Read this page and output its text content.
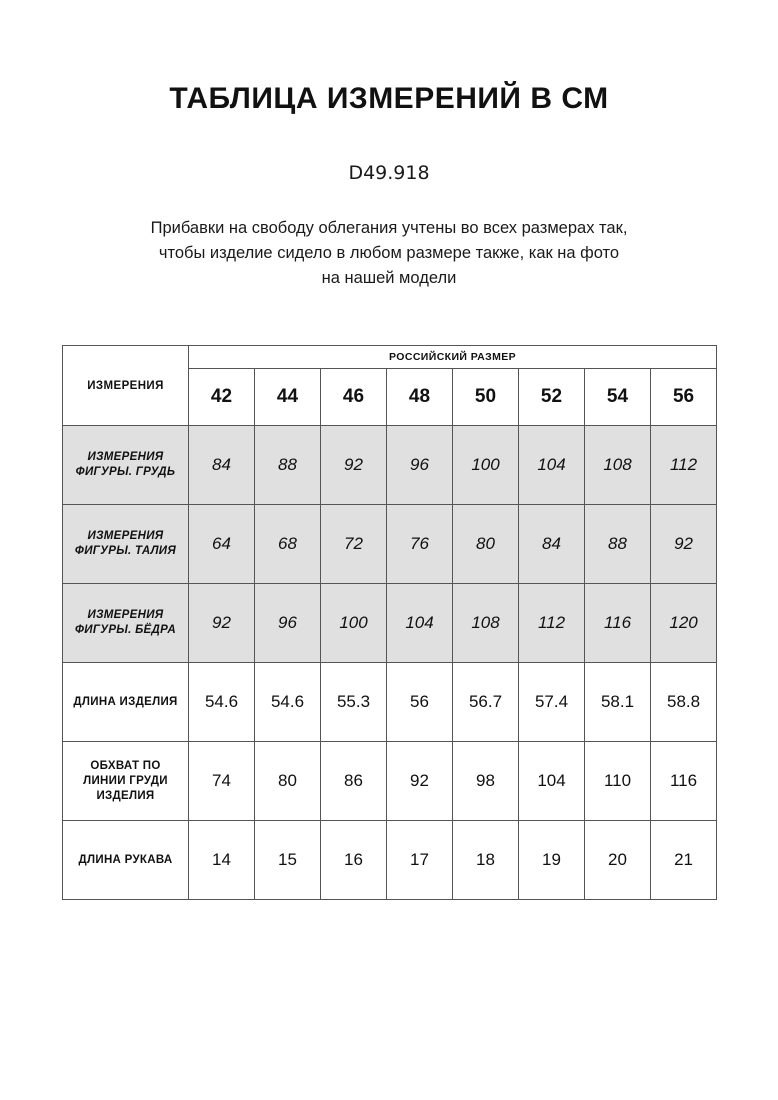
ТАБЛИЦА ИЗМЕРЕНИЙ В СМ
D49.918
Прибавки на свободу облегания учтены во всех размерах так,
чтобы изделие сидело в любом размере также, как на фото
на нашей модели
ИЗМЕРЕНИЯ	РОССИЙСКИЙ РАЗМЕР							
	42	44	46	48	50	52	54	56

ИЗМЕРЕНИЯ
ФИГУРЫ. ГРУДЬ	84	88	92	96	100	104	108	112

ИЗМЕРЕНИЯ
ФИГУРЫ. ТАЛИЯ	64	68	72	76	80	84	88	92

ИЗМЕРЕНИЯ
ФИГУРЫ. БЁДРА	92	96	100	104	108	112	116	120

ДЛИНА ИЗДЕЛИЯ	54.6	54.6	55.3	56	56.7	57.4	58.1	58.8

ОБХВАТ ПО
ЛИНИИ ГРУДИ
ИЗДЕЛИЯ	74	80	86	92	98	104	110	116

ДЛИНА РУКАВА	14	15	16	17	18	19	20	21
